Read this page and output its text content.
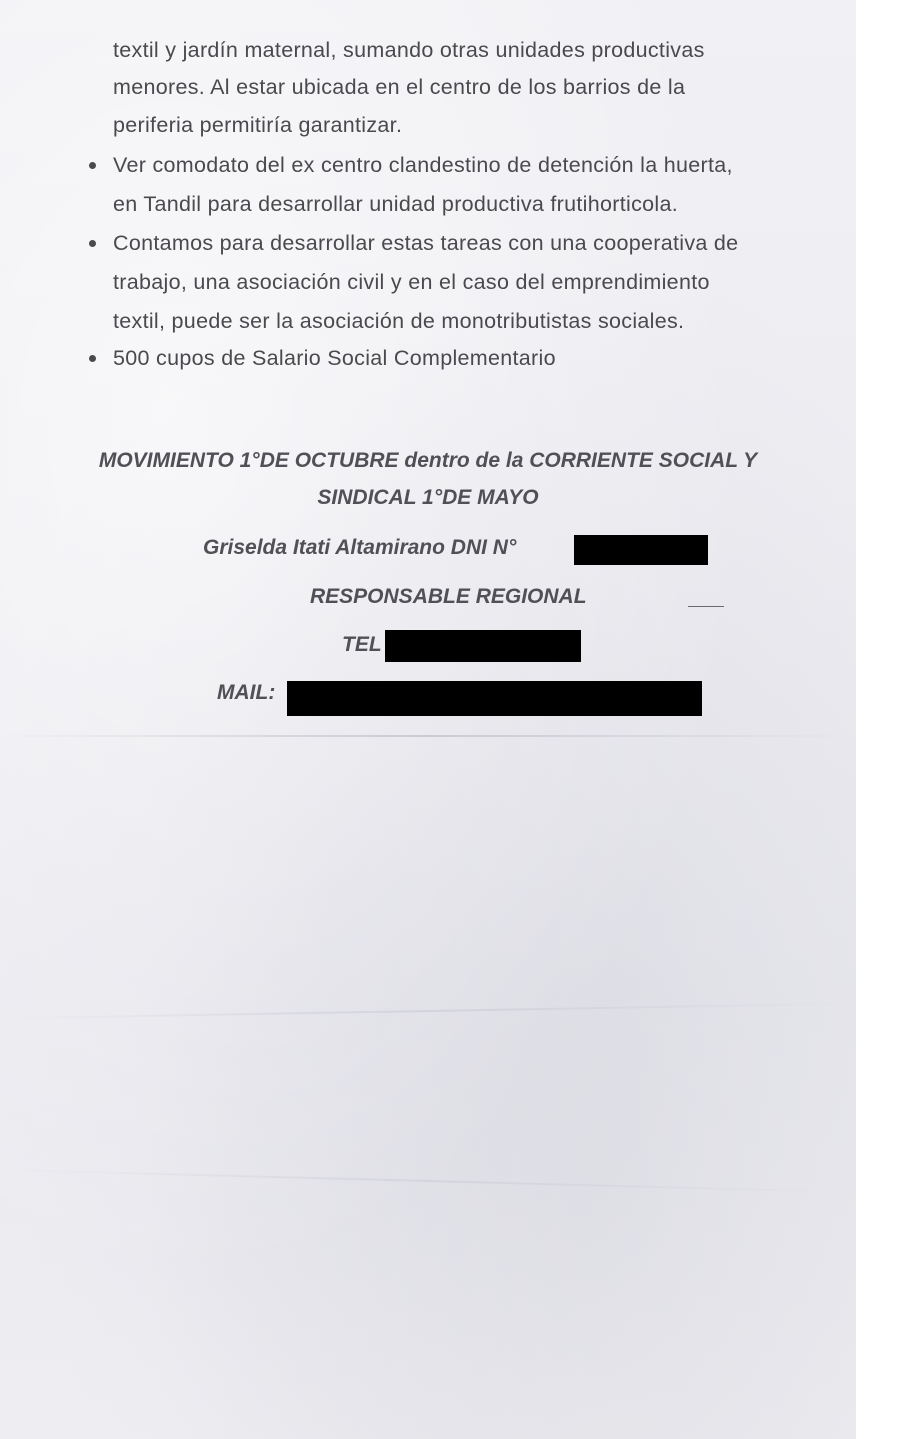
textil y jardín maternal, sumando otras unidades productivas
menores. Al estar ubicada en el centro de los barrios de la
periferia permitiría garantizar.
Ver comodato del ex centro clandestino de detención la huerta,
en Tandil para desarrollar unidad productiva frutihorticola.
Contamos para desarrollar estas tareas con una cooperativa de
trabajo, una asociación civil y en el caso del emprendimiento
textil, puede ser la asociación de monotributistas sociales.
500 cupos de Salario Social Complementario
MOVIMIENTO 1°DE OCTUBRE dentro de la CORRIENTE SOCIAL Y
SINDICAL 1°DE MAYO
Griselda Itati Altamirano DNI N°
RESPONSABLE REGIONAL
TEL
MAIL:
